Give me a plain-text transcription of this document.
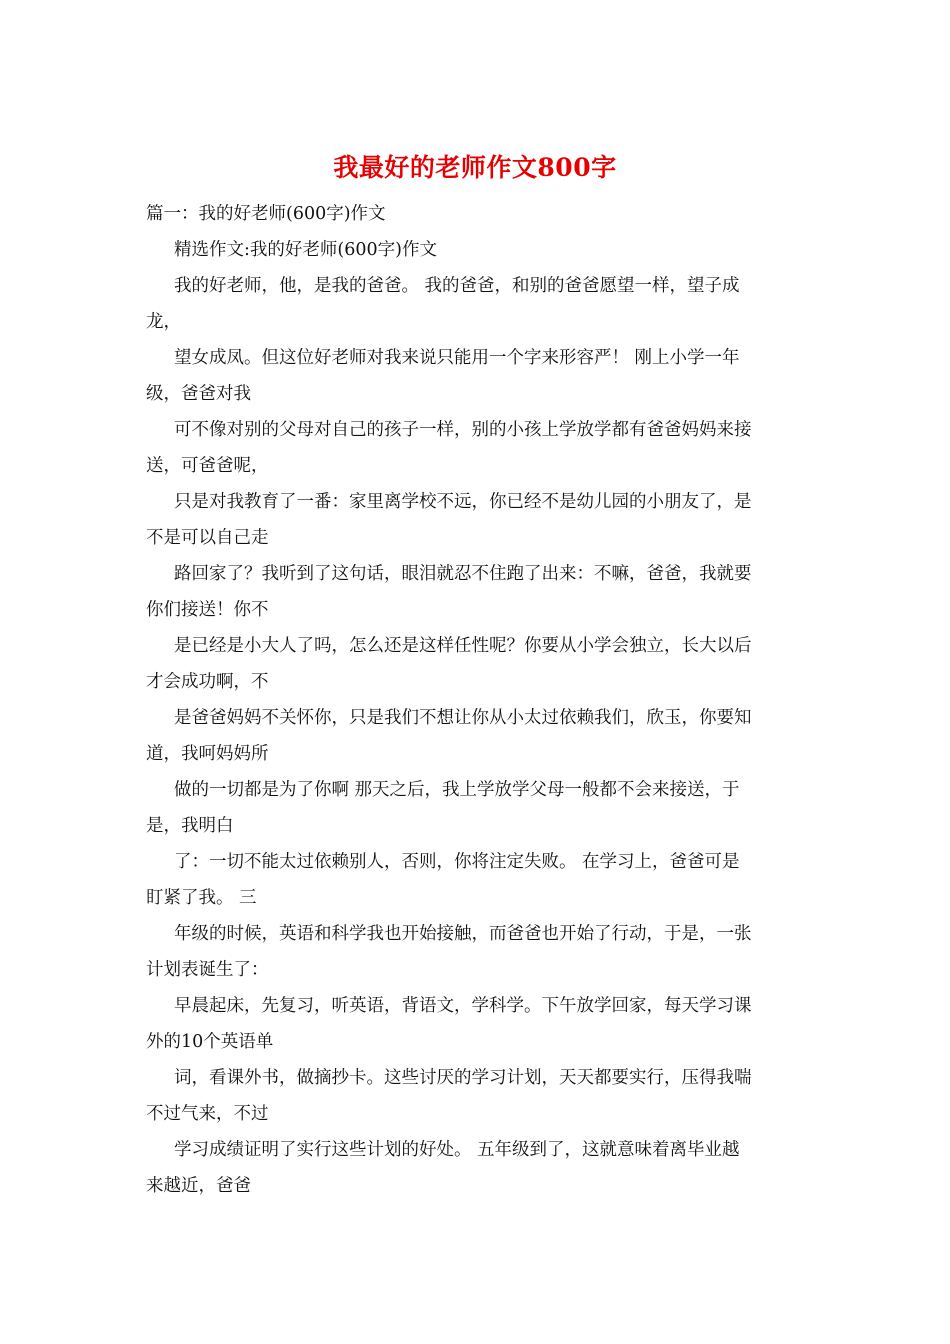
我最好的老师作文800字
篇一：我的好老师(600字)作文
精选作文:我的好老师(600字)作文
我的好老师，他，是我的爸爸。 我的爸爸，和别的爸爸愿望一样，望子成
龙，
望女成凤。但这位好老师对我来说只能用一个字来形容严！ 刚上小学一年
级，爸爸对我
可不像对别的父母对自己的孩子一样，别的小孩上学放学都有爸爸妈妈来接
送，可爸爸呢，
只是对我教育了一番：家里离学校不远，你已经不是幼儿园的小朋友了，是
不是可以自己走
路回家了？我听到了这句话，眼泪就忍不住跑了出来：不嘛，爸爸，我就要
你们接送！你不
是已经是小大人了吗，怎么还是这样任性呢？你要从小学会独立，长大以后
才会成功啊，不
是爸爸妈妈不关怀你，只是我们不想让你从小太过依赖我们，欣玉，你要知
道，我呵妈妈所
做的一切都是为了你啊 那天之后，我上学放学父母一般都不会来接送，于
是，我明白
了：一切不能太过依赖别人，否则，你将注定失败。 在学习上，爸爸可是
盯紧了我。 三
年级的时候，英语和科学我也开始接触，而爸爸也开始了行动，于是，一张
计划表诞生了：
早晨起床，先复习，听英语，背语文，学科学。下午放学回家，每天学习课
外的10个英语单
词，看课外书，做摘抄卡。这些讨厌的学习计划，天天都要实行，压得我喘
不过气来，不过
学习成绩证明了实行这些计划的好处。 五年级到了，这就意味着离毕业越
来越近，爸爸
